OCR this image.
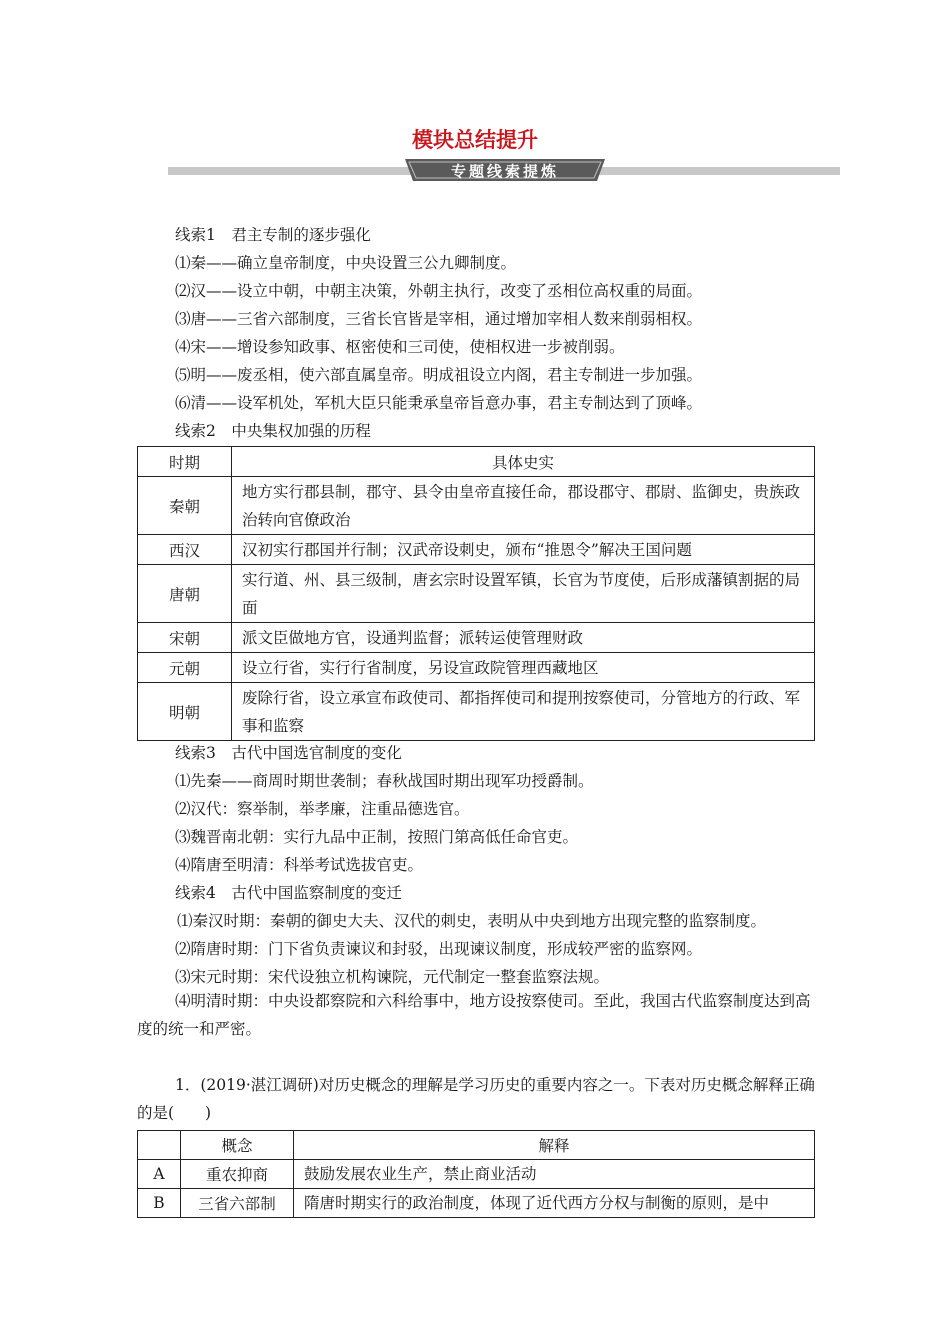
模块总结提升
专题线索提炼
线索1　君主专制的逐步强化
⑴秦——确立皇帝制度，中央设置三公九卿制度。
⑵汉——设立中朝，中朝主决策，外朝主执行，改变了丞相位高权重的局面。
⑶唐——三省六部制度，三省长官皆是宰相，通过增加宰相人数来削弱相权。
⑷宋——增设参知政事、枢密使和三司使，使相权进一步被削弱。
⑸明——废丞相，使六部直属皇帝。明成祖设立内阁，君主专制进一步加强。
⑹清——设军机处，军机大臣只能秉承皇帝旨意办事，君主专制达到了顶峰。
线索2　中央集权加强的历程
时期	具体史实
秦朝	地方实行郡县制，郡守、县令由皇帝直接任命，郡设郡守、郡尉、监御史，贵族政治转向官僚政治
西汉	汉初实行郡国并行制；汉武帝设刺史，颁布“推恩令”解决王国问题
唐朝	实行道、州、县三级制，唐玄宗时设置军镇，长官为节度使，后形成藩镇割据的局面
宋朝	派文臣做地方官，设通判监督；派转运使管理财政
元朝	设立行省，实行行省制度，另设宣政院管理西藏地区
明朝	废除行省，设立承宣布政使司、都指挥使司和提刑按察使司，分管地方的行政、军事和监察
线索3　古代中国选官制度的变化
⑴先秦——商周时期世袭制；春秋战国时期出现军功授爵制。
⑵汉代：察举制，举孝廉，注重品德选官。
⑶魏晋南北朝：实行九品中正制，按照门第高低任命官吏。
⑷隋唐至明清：科举考试选拔官吏。
线索4　古代中国监察制度的变迁
⑴秦汉时期：秦朝的御史大夫、汉代的刺史，表明从中央到地方出现完整的监察制度。
⑵隋唐时期：门下省负责谏议和封驳，出现谏议制度，形成较严密的监察网。
⑶宋元时期：宋代设独立机构谏院，元代制定一整套监察法规。
⑷明清时期：中央设都察院和六科给事中，地方设按察使司。至此，我国古代监察制度达到高度的统一和严密。
1．(2019·湛江调研)对历史概念的理解是学习历史的重要内容之一。下表对历史概念解释正确的是(　　)
	概念	解释
A	重农抑商	鼓励发展农业生产，禁止商业活动
B	三省六部制	隋唐时期实行的政治制度，体现了近代西方分权与制衡的原则，是中
